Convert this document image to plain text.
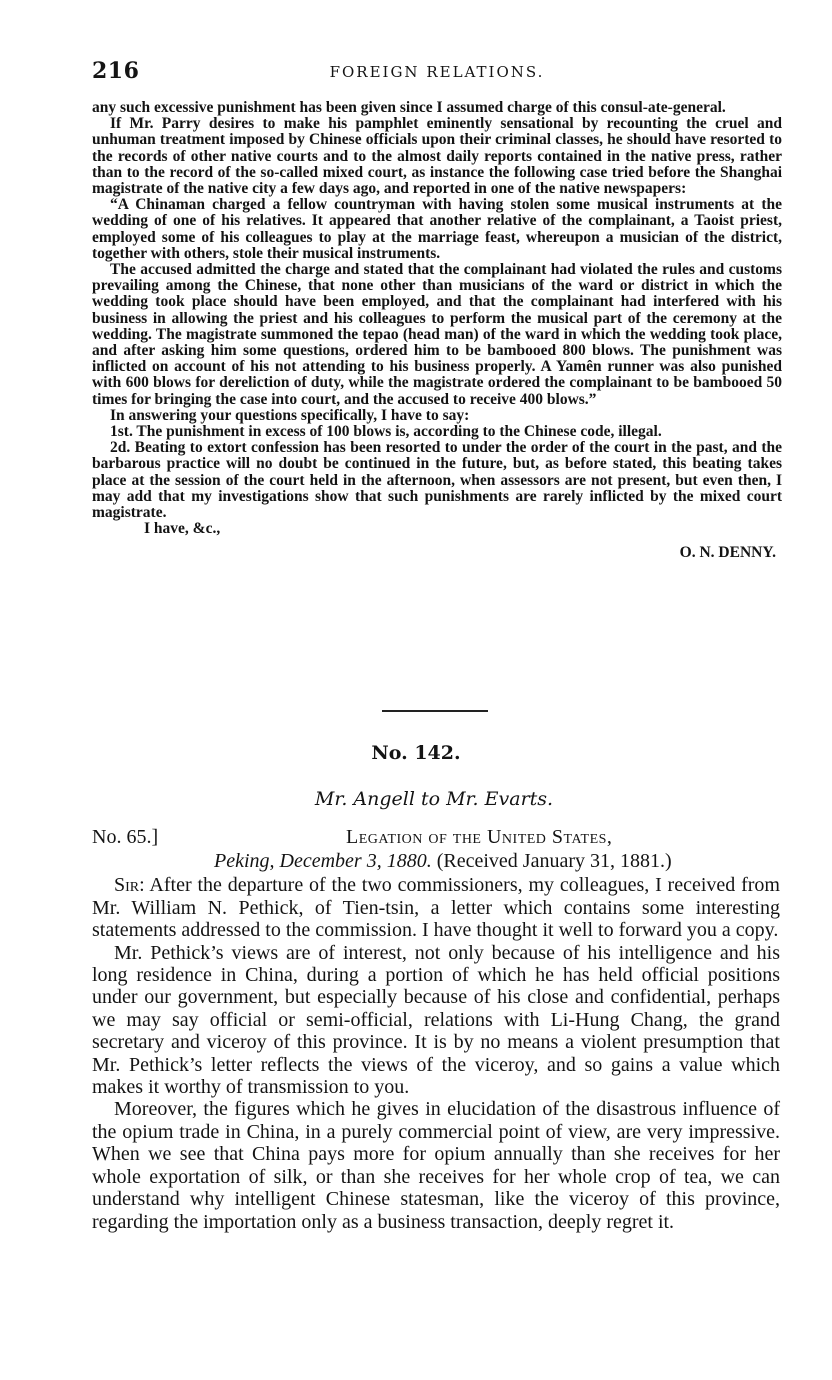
216	FOREIGN RELATIONS.

any such excessive punishment has been given since I assumed charge of this consul-ate-general.

If Mr. Parry desires to make his pamphlet eminently sensational by recounting the cruel and unhuman treatment imposed by Chinese officials upon their criminal classes, he should have resorted to the records of other native courts and to the almost daily reports contained in the native press, rather than to the record of the so-called mixed court, as instance the following case tried before the Shanghai magistrate of the native city a few days ago, and reported in one of the native newspapers:

“A Chinaman charged a fellow countryman with having stolen some musical instruments at the wedding of one of his relatives. It appeared that another relative of the complainant, a Taoist priest, employed some of his colleagues to play at the marriage feast, whereupon a musician of the district, together with others, stole their musical instruments.

The accused admitted the charge and stated that the complainant had violated the rules and customs prevailing among the Chinese, that none other than musicians of the ward or district in which the wedding took place should have been employed, and that the complainant had interfered with his business in allowing the priest and his colleagues to perform the musical part of the ceremony at the wedding. The magistrate summoned the tepao (head man) of the ward in which the wedding took place, and after asking him some questions, ordered him to be bambooed 800 blows. The punishment was inflicted on account of his not attending to his business properly. A Yamên runner was also punished with 600 blows for dereliction of duty, while the magistrate ordered the complainant to be bambooed 50 times for bringing the case into court, and the accused to receive 400 blows.”

In answering your questions specifically, I have to say:

1st. The punishment in excess of 100 blows is, according to the Chinese code, illegal.

2d. Beating to extort confession has been resorted to under the order of the court in the past, and the barbarous practice will no doubt be continued in the future, but, as before stated, this beating takes place at the session of the court held in the afternoon, when assessors are not present, but even then, I may add that my investigations show that such punishments are rarely inflicted by the mixed court magistrate.

I have, &c.,

O. N. DENNY.

No. 142.
Mr. Angell to Mr. Evarts.
No. 65.]	Legation of the United States,

Peking, December 3, 1880. (Received January 31, 1881.)

Sir: After the departure of the two commissioners, my colleagues, I received from Mr. William N. Pethick, of Tien-tsin, a letter which contains some interesting statements addressed to the commission. I have thought it well to forward you a copy.

Mr. Pethick’s views are of interest, not only because of his intelligence and his long residence in China, during a portion of which he has held official positions under our government, but especially because of his close and confidential, perhaps we may say official or semi-official, relations with Li-Hung Chang, the grand secretary and viceroy of this province. It is by no means a violent presumption that Mr. Pethick’s letter reflects the views of the viceroy, and so gains a value which makes it worthy of transmission to you.

Moreover, the figures which he gives in elucidation of the disastrous influence of the opium trade in China, in a purely commercial point of view, are very impressive. When we see that China pays more for opium annually than she receives for her whole exportation of silk, or than she receives for her whole crop of tea, we can understand why intelligent Chinese statesman, like the viceroy of this province, regarding the importation only as a business transaction, deeply regret it.
